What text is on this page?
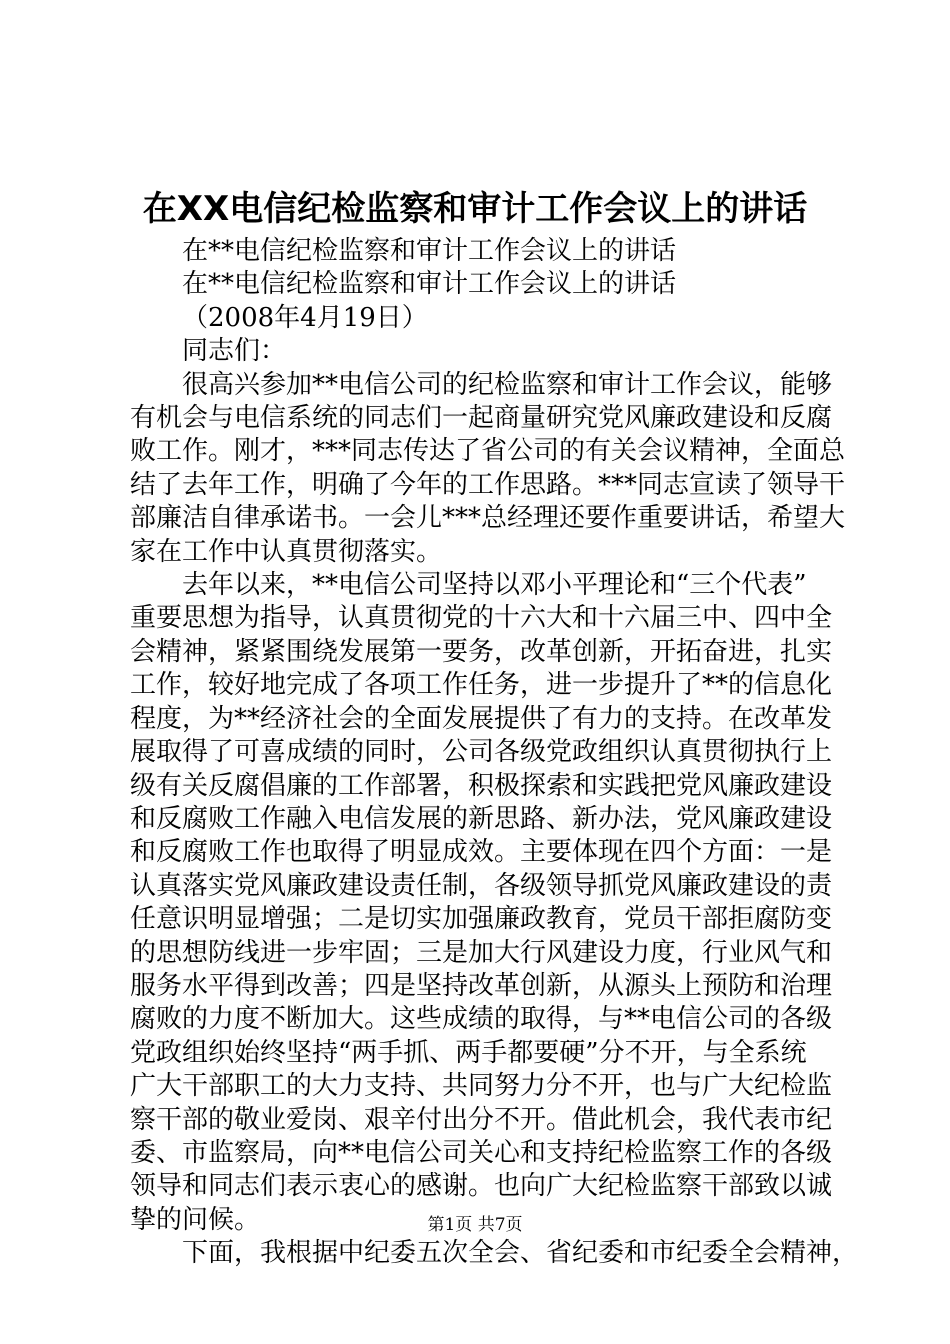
在XX电信纪检监察和审计工作会议上的讲话
在**电信纪检监察和审计工作会议上的讲话
在**电信纪检监察和审计工作会议上的讲话
（2008年4月19日）
同志们：
很高兴参加**电信公司的纪检监察和审计工作会议，能够
有机会与电信系统的同志们一起商量研究党风廉政建设和反腐
败工作。刚才，***同志传达了省公司的有关会议精神，全面总
结了去年工作，明确了今年的工作思路。***同志宣读了领导干
部廉洁自律承诺书。一会儿***总经理还要作重要讲话，希望大
家在工作中认真贯彻落实。
去年以来，**电信公司坚持以邓小平理论和“三个代表”
重要思想为指导，认真贯彻党的十六大和十六届三中、四中全
会精神，紧紧围绕发展第一要务，改革创新，开拓奋进，扎实
工作，较好地完成了各项工作任务，进一步提升了**的信息化
程度，为**经济社会的全面发展提供了有力的支持。在改革发
展取得了可喜成绩的同时，公司各级党政组织认真贯彻执行上
级有关反腐倡廉的工作部署，积极探索和实践把党风廉政建设
和反腐败工作融入电信发展的新思路、新办法，党风廉政建设
和反腐败工作也取得了明显成效。主要体现在四个方面：一是
认真落实党风廉政建设责任制，各级领导抓党风廉政建设的责
任意识明显增强；二是切实加强廉政教育，党员干部拒腐防变
的思想防线进一步牢固；三是加大行风建设力度，行业风气和
服务水平得到改善；四是坚持改革创新，从源头上预防和治理
腐败的力度不断加大。这些成绩的取得，与**电信公司的各级
党政组织始终坚持“两手抓、两手都要硬”分不开，与全系统
广大干部职工的大力支持、共同努力分不开，也与广大纪检监
察干部的敬业爱岗、艰辛付出分不开。借此机会，我代表市纪
委、市监察局，向**电信公司关心和支持纪检监察工作的各级
领导和同志们表示衷心的感谢。也向广大纪检监察干部致以诚
挚的问候。
下面，我根据中纪委五次全会、省纪委和市纪委全会精神，
第1页 共7页
